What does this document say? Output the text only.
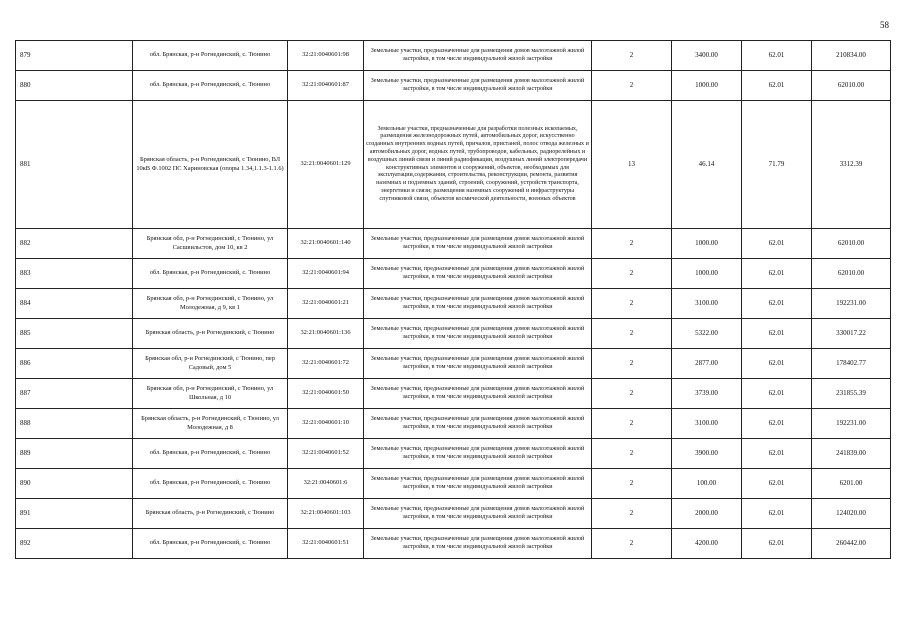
58
879	обл. Брянская, р-н Рогнединский, с. Тюнино	32:21:0040601:98	Земельные участки, предназначенные для размещения домов малоэтажной жилой застройки, в том числе индивидуальной жилой застройки	2	3400.00	62.01	210834.00
880	обл. Брянская, р-н Рогнединский, с. Тюнино	32:21:0040601:87	Земельные участки, предназначенные для размещения домов малоэтажной жилой застройки, в том числе индивидуальной жилой застройки	2	1000.00	62.01	62010.00
881	Брянская область, р-н Рогнединский, с Тюнино, ВЛ 10кВ Ф.1002 ПС Хариновская (опоры 1.34,1.1.3-1.1.6)	32:21:0040601:129	Земельные участки, предназначенные для разработки полезных ископаемых, размещения железнодорожных путей, автомобильных дорог, искусственно созданных внутренних водных путей, причалов, пристаней, полос отвода железных и автомобильных дорог, водных путей, трубопроводов, кабельных, радиорелейных и воздушных линий связи и линий радиофикации, воздушных линий электропередачи конструктивных элементов и сооружений, объектов, необходимых для эксплуатации,содержания, строительства, реконструкции, ремонта, развития наземных и подземных зданий, строений, сооружений, устройств транспорта, энергетики и связи; размещения наземных сооружений и инфраструктуры спутниковой связи, объектов космической деятельности, военных объектов	13	46.14	71.79	3312.39
882	Брянская обл, р-н Рогнединский, с Тюнино, ул Сасшвильстов, дом 10, кв 2	32:21:0040601:140	Земельные участки, предназначенные для размещения домов малоэтажной жилой застройки, в том числе индивидуальной жилой застройки	2	1000.00	62.01	62010.00
883	обл. Брянская, р-н Рогнединский, с. Тюнино	32:21:0040601:94	Земельные участки, предназначенные для размещения домов малоэтажной жилой застройки, в том числе индивидуальной жилой застройки	2	1000.00	62.01	62010.00
884	Брянская обл, р-н Рогнединский, с Тюнино, ул Молодежная, д 9, кв 1	32:21:0040601:21	Земельные участки, предназначенные для размещения домов малоэтажной жилой застройки, в том числе индивидуальной жилой застройки	2	3100.00	62.01	192231.00
885	Брянская область, р-н Рогнединский, с Тюнино	32:21:0040601:136	Земельные участки, предназначенные для размещения домов малоэтажной жилой застройки, в том числе индивидуальной жилой застройки	2	5322.00	62.01	330017.22
886	Брянская обл, р-н Рогнединский, с Тюнино, пер Садовый, дом 5	32:21:0040601:72	Земельные участки, предназначенные для размещения домов малоэтажной жилой застройки, в том числе индивидуальной жилой застройки	2	2877.00	62.01	178402.77
887	Брянская обл, р-н Рогнединский, с Тюнино, ул Школьная, д 10	32:21:0040601:50	Земельные участки, предназначенные для размещения домов малоэтажной жилой застройки, в том числе индивидуальной жилой застройки	2	3739.00	62.01	231855.39
888	Брянская область, р-н Рогнединский, с Тюнино, ул Молодежная, д 8	32:21:0040601:10	Земельные участки, предназначенные для размещения домов малоэтажной жилой застройки, в том числе индивидуальной жилой застройки	2	3100.00	62.01	192231.00
889	обл. Брянская, р-н Рогнединский, с. Тюнино	32:21:0040601:52	Земельные участки, предназначенные для размещения домов малоэтажной жилой застройки, в том числе индивидуальной жилой застройки	2	3900.00	62.01	241839.00
890	обл. Брянская, р-н Рогнединский, с. Тюнино	32:21:0040601:6	Земельные участки, предназначенные для размещения домов малоэтажной жилой застройки, в том числе индивидуальной жилой застройки	2	100.00	62.01	6201.00
891	Брянская область, р-н Рогнединский, с Тюнино	32:21:0040601:103	Земельные участки, предназначенные для размещения домов малоэтажной жилой застройки, в том числе индивидуальной жилой застройки	2	2000.00	62.01	124020.00
892	обл. Брянская, р-н Рогнединский, с. Тюнино	32:21:0040601:51	Земельные участки, предназначенные для размещения домов малоэтажной жилой застройки, в том числе индивидуальной жилой застройки	2	4200.00	62.01	260442.00
